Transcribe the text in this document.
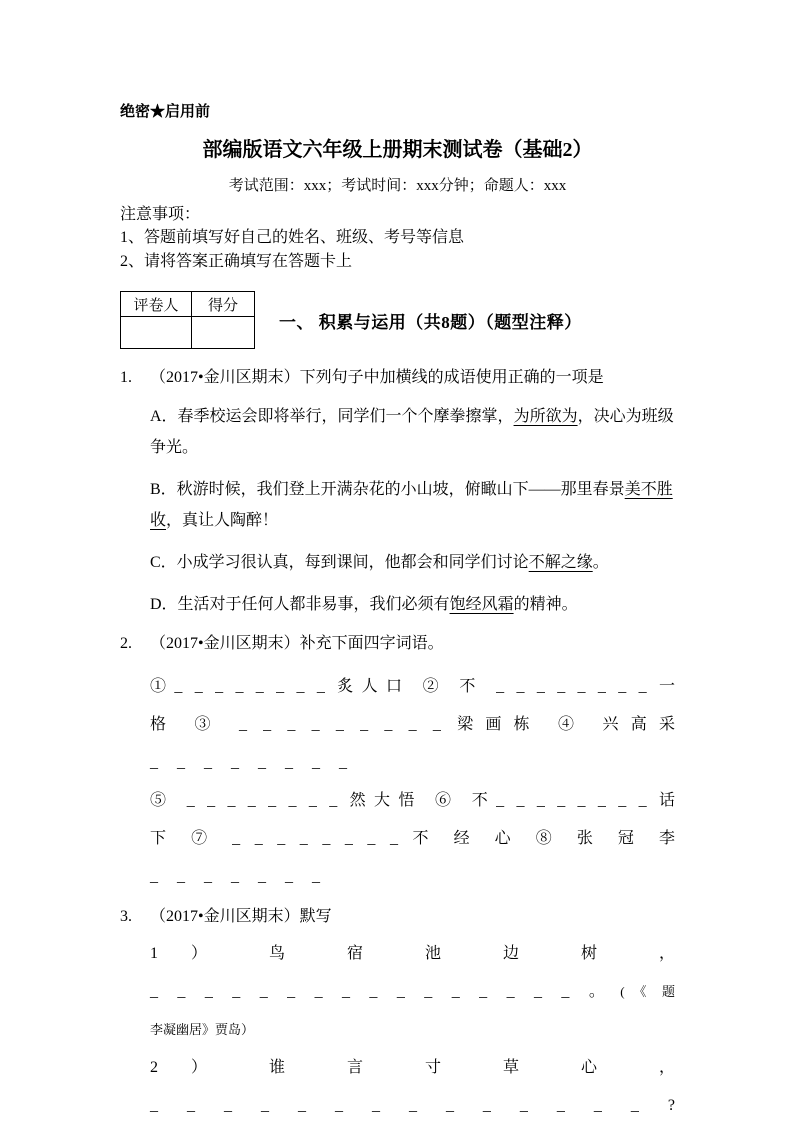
绝密★启用前
部编版语文六年级上册期末测试卷（基础2）
考试范围：xxx；考试时间：xxx分钟；命题人：xxx
注意事项：
1、答题前填写好自己的姓名、班级、考号等信息
2、请将答案正确填写在答题卡上
评卷人	得分

一、 积累与运用（共8题）（题型注释）
1. （2017•金川区期末）下列句子中加横线的成语使用正确的一项是
A．春季校运会即将举行，同学们一个个摩拳擦掌，为所欲为，决心为班级争光。
B．秋游时候，我们登上开满杂花的小山坡，俯瞰山下——那里春景美不胜收，真让人陶醉！
C．小成学习很认真，每到课间，他都会和同学们讨论不解之缘。
D．生活对于任何人都非易事，我们必须有饱经风霜的精神。
2. （2017•金川区期末）补充下面四字词语。
①_ _ _ _ _ _ _ _ 炙人口 ② 不 _ _ _ _ _ _ _ _ 一
格 ③ _ _ _ _ _ _ _ _ _ 梁画栋 ④ 兴高采
_ _ _ _ _ _ _ _
⑤ _ _ _ _ _ _ _ _ 然大悟 ⑥ 不_ _ _ _ _ _ _ _ 话
下 ⑦ _ _ _ _ _ _ _ _ 不 经 心 ⑧ 张 冠 李
_ _ _ _ _ _ _
3. （2017•金川区期末）默写
1 ） 鸟 宿 池 边 树 ，
_ _ _ _ _ _ _ _ _ _ _ _ _ _ _ _ 。(《题
李凝幽居》贾岛）
2 ） 谁 言 寸 草 心 ，
_ _ _ _ _ _ _ _ _ _ _ _ _ _ ?
